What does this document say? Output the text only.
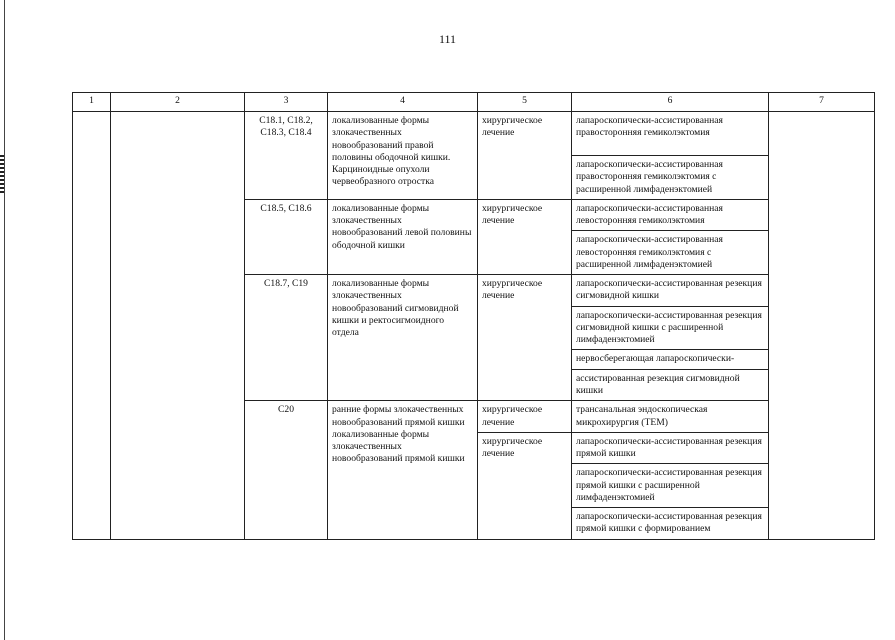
111
1	2	3	4	5	6	7
		C18.1, C18.2, C18.3, C18.4	локализованные формы злокачественных новообразований правой половины ободочной кишки. Карциноидные опухоли червеобразного отростка	хирургическое лечение	лапароскопически-ассистированная правосторонняя гемиколэктомия	
					лапароскопически-ассистированная правосторонняя гемиколэктомия с расширенной лимфаденэктомией	
		C18.5, C18.6	локализованные формы злокачественных новообразований левой половины ободочной кишки	хирургическое лечение	лапароскопически-ассистированная левосторонняя гемиколэктомия	
					лапароскопически-ассистированная левосторонняя гемиколэктомия с расширенной лимфаденэктомией	
		C18.7, C19	локализованные формы злокачественных новообразований сигмовидной кишки и ректосигмоидного отдела	хирургическое лечение	лапароскопически-ассистированная резекция сигмовидной кишки	
					лапароскопически-ассистированная резекция сигмовидной кишки с расширенной лимфаденэктомией	
					нервосберегающая лапароскопически-	
					ассистированная резекция сигмовидной кишки	
		C20	ранние формы злокачественных новообразований прямой кишки локализованные формы злокачественных новообразований прямой кишки	хирургическое лечение	трансанальная эндоскопическая микрохирургия (ТЕМ)	
				хирургическое лечение	лапароскопически-ассистированная резекция прямой кишки	
					лапароскопически-ассистированная резекция прямой кишки с расширенной лимфаденэктомией	
					лапароскопически-ассистированная резекция прямой кишки с формированием	
